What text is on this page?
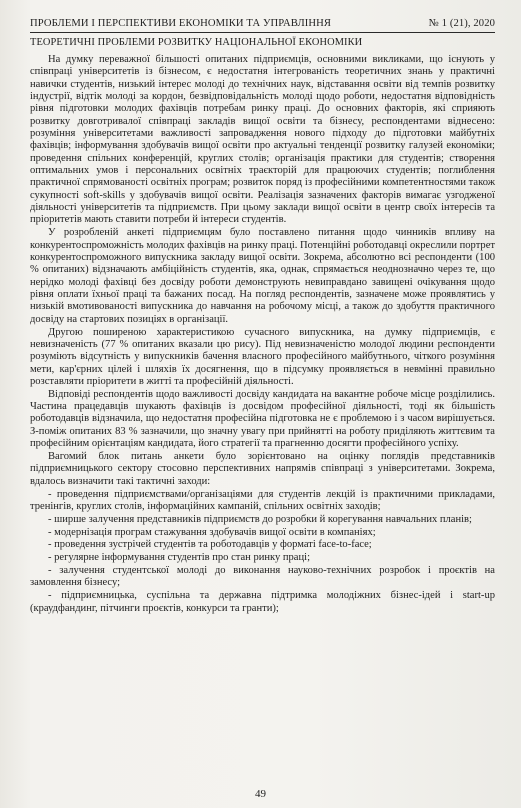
ПРОБЛЕМИ І ПЕРСПЕКТИВИ ЕКОНОМІКИ ТА УПРАВЛІННЯ	№ 1 (21), 2020
ТЕОРЕТИЧНІ ПРОБЛЕМИ РОЗВИТКУ НАЦІОНАЛЬНОЇ ЕКОНОМІКИ

На думку переважної більшості опитаних підприємців, основними викликами, що існують у співпраці університетів із бізнесом, є недостатня інтегрованість теоретичних знань у практичні навички студентів, низький інтерес молоді до технічних наук, відставання освіти від темпів розвитку індустрії, відтік молоді за кордон, безвідповідальність молоді щодо роботи, недостатня відповідність рівня підготовки молодих фахівців потребам ринку праці. До основних факторів, які сприяють розвитку довготривалої співпраці закладів вищої освіти та бізнесу, респондентами віднесено: розуміння університетами важливості запровадження нового підходу до підготовки майбутніх фахівців; інформування здобувачів вищої освіти про актуальні тенденції розвитку галузей економіки; проведення спільних конференцій, круглих столів; організація практики для студентів; створення оптимальних умов і персональних освітніх траєкторій для працюючих студентів; поглиблення практичної спрямованості освітніх програм; розвиток поряд із професійними компетентностями також сукупності soft-skills у здобувачів вищої освіти. Реалізація зазначених факторів вимагає узгодженої діяльності університетів та підприємств. При цьому заклади вищої освіти в центр своїх інтересів та пріоритетів мають ставити потреби й інтереси студентів.

У розробленій анкеті підприємцям було поставлено питання щодо чинників впливу на конкурентоспроможність молодих фахівців на ринку праці. Потенційні роботодавці окреслили портрет конкурентоспроможного випускника закладу вищої освіти. Зокрема, абсолютно всі респонденти (100 % опитаних) відзначають амбіційність студентів, яка, однак, спрямається неоднозначно через те, що нерідко молоді фахівці без досвіду роботи демонструють невиправдано завищені очікування щодо рівня оплати їхньої праці та бажаних посад. На погляд респондентів, зазначене може проявлятись у низькій вмотивованості випускника до навчання на робочому місці, а також до здобуття практичного досвіду на стартових позиціях в організації.

Другою поширеною характеристикою сучасного випускника, на думку підприємців, є невизначеність (77 % опитаних вказали цю рису). Під невизначеністю молодої людини респонденти розуміють відсутність у випускників бачення власного професійного майбутнього, чіткого розуміння мети, кар'єрних цілей і шляхів їх досягнення, що в підсумку проявляється в невмінні правильно розставляти пріоритети в житті та професійній діяльності.

Відповіді респондентів щодо важливості досвіду кандидата на вакантне робоче місце розділились. Частина працедавців шукають фахівців із досвідом професійної діяльності, тоді як більшість роботодавців відзначила, що недостатня професійна підготовка не є проблемою і з часом вирішується. З-поміж опитаних 83 % зазначили, що значну увагу при прийнятті на роботу приділяють життєвим та професійним орієнтаціям кандидата, його стратегії та прагненню досягти професійного успіху.

Вагомий блок питань анкети було зорієнтовано на оцінку поглядів представників підприємницького сектору стосовно перспективних напрямів співпраці з університетами. Зокрема, вдалось визначити такі тактичні заходи:

- проведення підприємствами/організаціями для студентів лекцій із практичними прикладами, тренінгів, круглих столів, інформаційних кампаній, спільних освітніх заходів;

- ширше залучення представників підприємств до розробки й корегування навчальних планів;

- модернізація програм стажування здобувачів вищої освіти в компаніях;

- проведення зустрічей студентів та роботодавців у форматі face-to-face;

- регулярне інформування студентів про стан ринку праці;

- залучення студентської молоді до виконання науково-технічних розробок і проєктів на замовлення бізнесу;

- підприємницька, суспільна та державна підтримка молодіжних бізнес-ідей і start-up (краудфандинг, пітчинги проєктів, конкурси та гранти);

49
